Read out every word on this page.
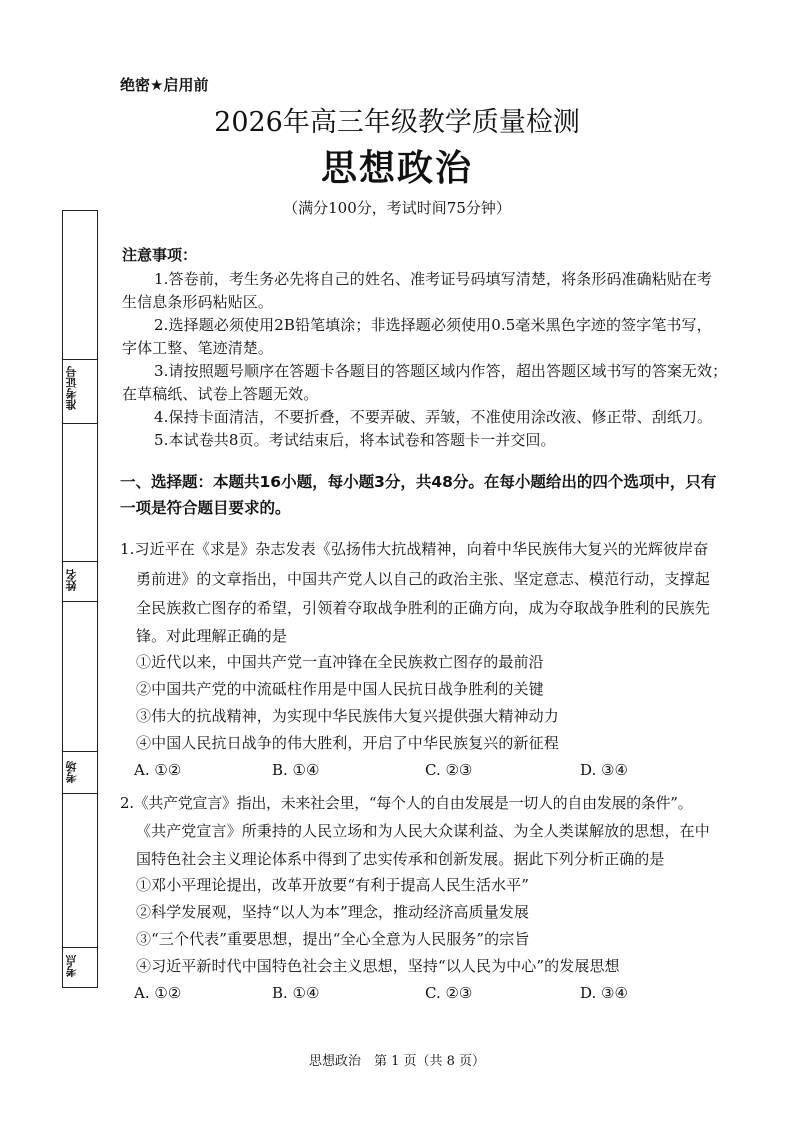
绝密★启用前
2026年高三年级教学质量检测
思想政治
（满分100分，考试时间75分钟）
准考证号
姓名
考场
考点
注意事项：
1.答卷前，考生务必先将自己的姓名、准考证号码填写清楚，将条形码准确粘贴在考
生信息条形码粘贴区。
2.选择题必须使用2B铅笔填涂；非选择题必须使用0.5毫米黑色字迹的签字笔书写，
字体工整、笔迹清楚。
3.请按照题号顺序在答题卡各题目的答题区域内作答，超出答题区域书写的答案无效；
在草稿纸、试卷上答题无效。
4.保持卡面清洁，不要折叠，不要弄破、弄皱，不准使用涂改液、修正带、刮纸刀。
5.本试卷共8页。考试结束后，将本试卷和答题卡一并交回。
一、选择题：本题共16小题，每小题3分，共48分。在每小题给出的四个选项中，只有
一项是符合题目要求的。
1.习近平在《求是》杂志发表《弘扬伟大抗战精神，向着中华民族伟大复兴的光辉彼岸奋
勇前进》的文章指出，中国共产党人以自己的政治主张、坚定意志、模范行动，支撑起
全民族救亡图存的希望，引领着夺取战争胜利的正确方向，成为夺取战争胜利的民族先
锋。对此理解正确的是
①近代以来，中国共产党一直冲锋在全民族救亡图存的最前沿
②中国共产党的中流砥柱作用是中国人民抗日战争胜利的关键
③伟大的抗战精神，为实现中华民族伟大复兴提供强大精神动力
④中国人民抗日战争的伟大胜利，开启了中华民族复兴的新征程
A. ①②	B. ①④	C. ②③	D. ③④
2.《共产党宣言》指出，未来社会里，“每个人的自由发展是一切人的自由发展的条件”。
《共产党宣言》所秉持的人民立场和为人民大众谋利益、为全人类谋解放的思想，在中
国特色社会主义理论体系中得到了忠实传承和创新发展。据此下列分析正确的是
①邓小平理论提出，改革开放要“有利于提高人民生活水平”
②科学发展观，坚持“以人为本”理念，推动经济高质量发展
③“三个代表”重要思想，提出“全心全意为人民服务”的宗旨
④习近平新时代中国特色社会主义思想，坚持“以人民为中心”的发展思想
A. ①②	B. ①④	C. ②③	D. ③④
思想政治　第 1 页（共 8 页）
